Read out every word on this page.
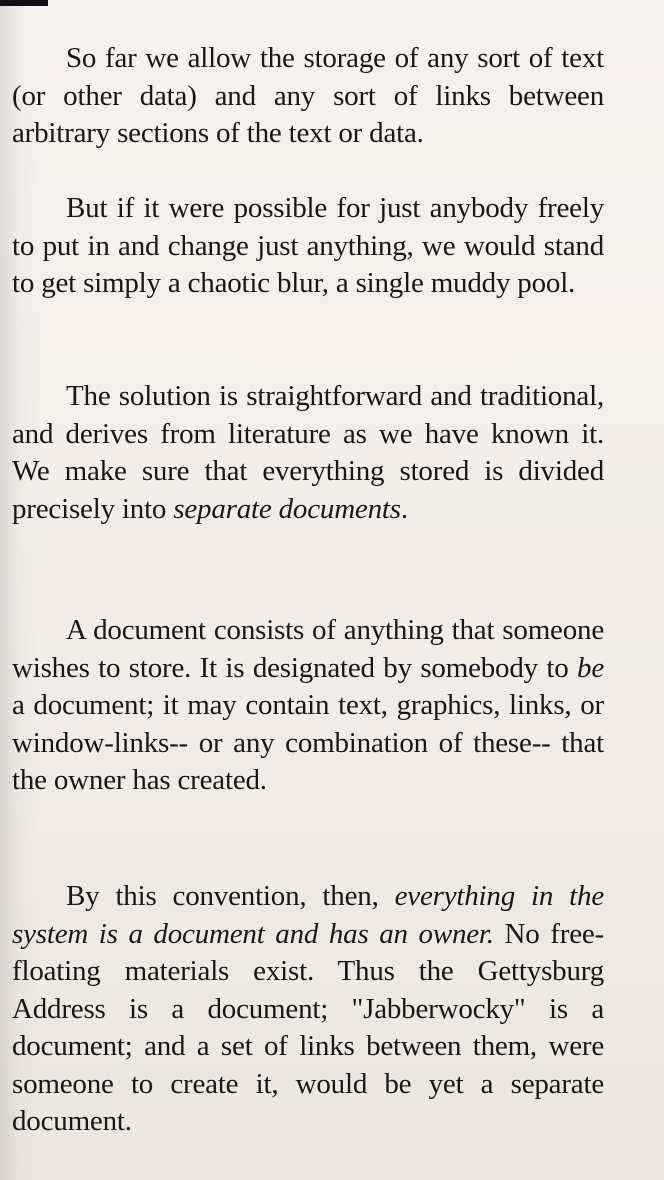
So far we allow the storage of any sort of text (or other data) and any sort of links between arbitrary sections of the text or data.

But if it were possible for just anybody freely to put in and change just anything, we would stand to get simply a chaotic blur, a single muddy pool.

The solution is straightforward and traditional, and derives from literature as we have known it. We make sure that everything stored is divided precisely into separate documents.

A document consists of anything that someone wishes to store. It is designated by somebody to be a document; it may contain text, graphics, links, or window-links-- or any combination of these-- that the owner has created.

By this convention, then, everything in the system is a document and has an owner. No free-floating materials exist. Thus the Gettysburg Address is a document; "Jabberwocky" is a document; and a set of links between them, were someone to create it, would be yet a separate document.
